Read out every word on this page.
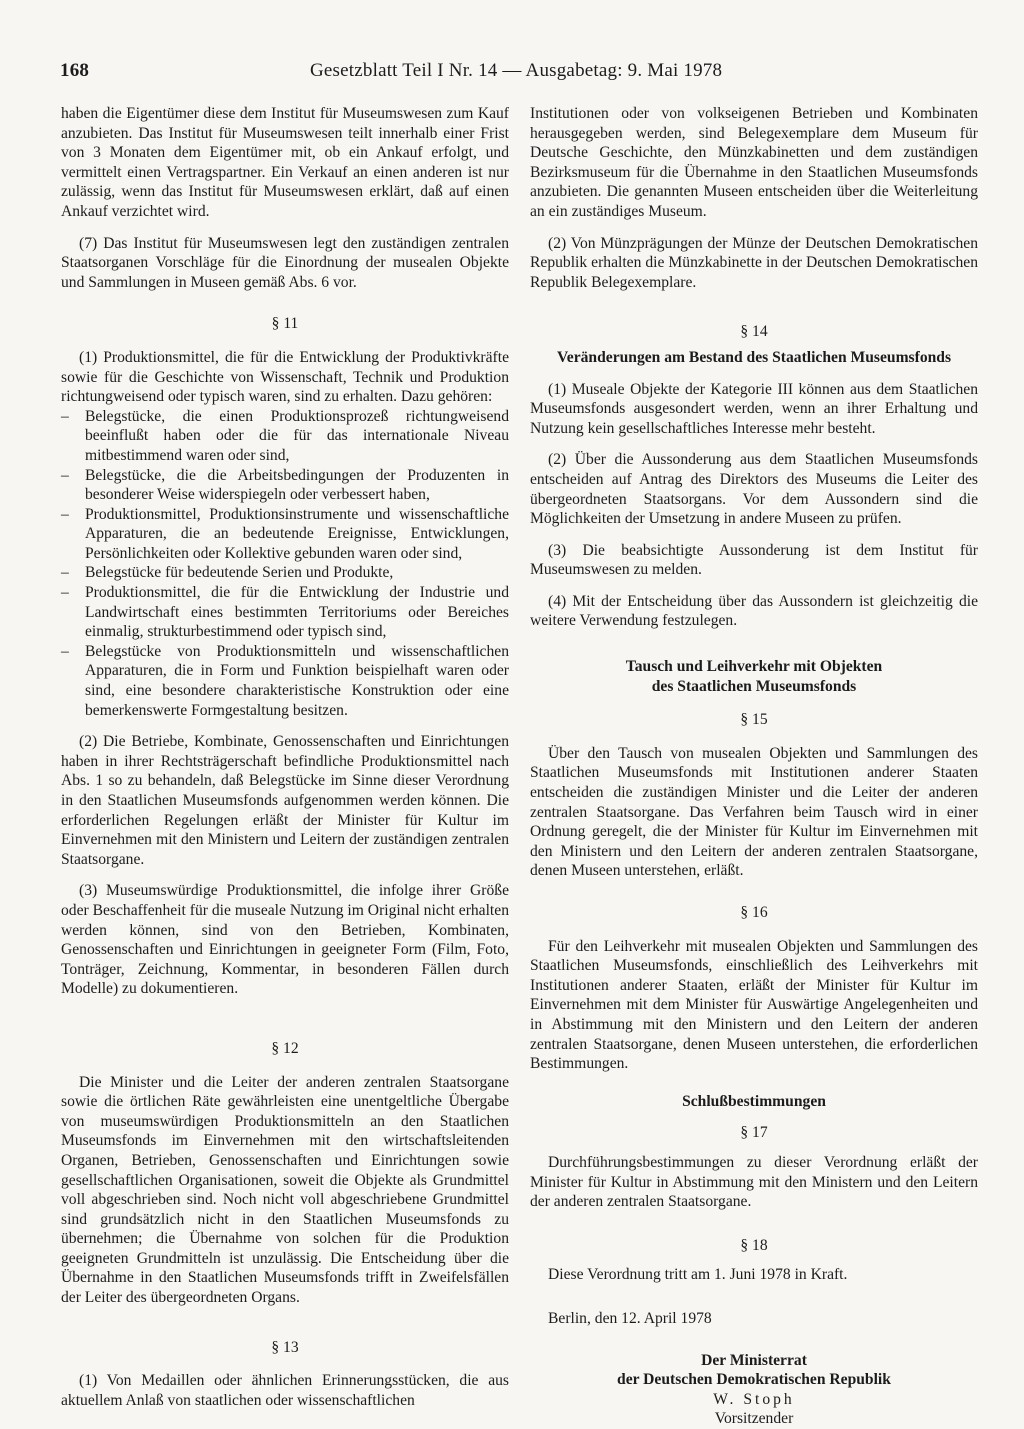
168	Gesetzblatt Teil I Nr. 14 — Ausgabetag: 9. Mai 1978

haben die Eigentümer diese dem Institut für Museumswesen zum Kauf anzubieten. Das Institut für Museumswesen teilt innerhalb einer Frist von 3 Monaten dem Eigentümer mit, ob ein Ankauf erfolgt, und vermittelt einen Vertragspartner. Ein Verkauf an einen anderen ist nur zulässig, wenn das Institut für Museumswesen erklärt, daß auf einen Ankauf verzichtet wird.

(7) Das Institut für Museumswesen legt den zuständigen zentralen Staatsorganen Vorschläge für die Einordnung der musealen Objekte und Sammlungen in Museen gemäß Abs. 6 vor.

§ 11

(1) Produktionsmittel, die für die Entwicklung der Produktivkräfte sowie für die Geschichte von Wissenschaft, Technik und Produktion richtungweisend oder typisch waren, sind zu erhalten. Dazu gehören:

– Belegstücke, die einen Produktionsprozeß richtungweisend beeinflußt haben oder die für das internationale Niveau mitbestimmend waren oder sind,
– Belegstücke, die die Arbeitsbedingungen der Produzenten in besonderer Weise widerspiegeln oder verbessert haben,
– Produktionsmittel, Produktionsinstrumente und wissenschaftliche Apparaturen, die an bedeutende Ereignisse, Entwicklungen, Persönlichkeiten oder Kollektive gebunden waren oder sind,
– Belegstücke für bedeutende Serien und Produkte,
– Produktionsmittel, die für die Entwicklung der Industrie und Landwirtschaft eines bestimmten Territoriums oder Bereiches einmalig, strukturbestimmend oder typisch sind,
– Belegstücke von Produktionsmitteln und wissenschaftlichen Apparaturen, die in Form und Funktion beispielhaft waren oder sind, eine besondere charakteristische Konstruktion oder eine bemerkenswerte Formgestaltung besitzen.

(2) Die Betriebe, Kombinate, Genossenschaften und Einrichtungen haben in ihrer Rechtsträgerschaft befindliche Produktionsmittel nach Abs. 1 so zu behandeln, daß Belegstücke im Sinne dieser Verordnung in den Staatlichen Museumsfonds aufgenommen werden können. Die erforderlichen Regelungen erläßt der Minister für Kultur im Einvernehmen mit den Ministern und Leitern der zuständigen zentralen Staatsorgane.

(3) Museumswürdige Produktionsmittel, die infolge ihrer Größe oder Beschaffenheit für die museale Nutzung im Original nicht erhalten werden können, sind von den Betrieben, Kombinaten, Genossenschaften und Einrichtungen in geeigneter Form (Film, Foto, Tonträger, Zeichnung, Kommentar, in besonderen Fällen durch Modelle) zu dokumentieren.

§ 12

Die Minister und die Leiter der anderen zentralen Staatsorgane sowie die örtlichen Räte gewährleisten eine unentgeltliche Übergabe von museumswürdigen Produktionsmitteln an den Staatlichen Museumsfonds im Einvernehmen mit den wirtschaftsleitenden Organen, Betrieben, Genossenschaften und Einrichtungen sowie gesellschaftlichen Organisationen, soweit die Objekte als Grundmittel voll abgeschrieben sind. Noch nicht voll abgeschriebene Grundmittel sind grundsätzlich nicht in den Staatlichen Museumsfonds zu übernehmen; die Übernahme von solchen für die Produktion geeigneten Grundmitteln ist unzulässig. Die Entscheidung über die Übernahme in den Staatlichen Museumsfonds trifft in Zweifelsfällen der Leiter des übergeordneten Organs.

§ 13

(1) Von Medaillen oder ähnlichen Erinnerungsstücken, die aus aktuellem Anlaß von staatlichen oder wissenschaftlichen

Institutionen oder von volkseigenen Betrieben und Kombinaten herausgegeben werden, sind Belegexemplare dem Museum für Deutsche Geschichte, den Münzkabinetten und dem zuständigen Bezirksmuseum für die Übernahme in den Staatlichen Museumsfonds anzubieten. Die genannten Museen entscheiden über die Weiterleitung an ein zuständiges Museum.

(2) Von Münzprägungen der Münze der Deutschen Demokratischen Republik erhalten die Münzkabinette in der Deutschen Demokratischen Republik Belegexemplare.

§ 14

Veränderungen am Bestand des Staatlichen Museumsfonds

(1) Museale Objekte der Kategorie III können aus dem Staatlichen Museumsfonds ausgesondert werden, wenn an ihrer Erhaltung und Nutzung kein gesellschaftliches Interesse mehr besteht.

(2) Über die Aussonderung aus dem Staatlichen Museumsfonds entscheiden auf Antrag des Direktors des Museums die Leiter des übergeordneten Staatsorgans. Vor dem Aussondern sind die Möglichkeiten der Umsetzung in andere Museen zu prüfen.

(3) Die beabsichtigte Aussonderung ist dem Institut für Museumswesen zu melden.

(4) Mit der Entscheidung über das Aussondern ist gleichzeitig die weitere Verwendung festzulegen.

Tausch und Leihverkehr mit Objekten

des Staatlichen Museumsfonds

§ 15

Über den Tausch von musealen Objekten und Sammlungen des Staatlichen Museumsfonds mit Institutionen anderer Staaten entscheiden die zuständigen Minister und die Leiter der anderen zentralen Staatsorgane. Das Verfahren beim Tausch wird in einer Ordnung geregelt, die der Minister für Kultur im Einvernehmen mit den Ministern und den Leitern der anderen zentralen Staatsorgane, denen Museen unterstehen, erläßt.

§ 16

Für den Leihverkehr mit musealen Objekten und Sammlungen des Staatlichen Museumsfonds, einschließlich des Leihverkehrs mit Institutionen anderer Staaten, erläßt der Minister für Kultur im Einvernehmen mit dem Minister für Auswärtige Angelegenheiten und in Abstimmung mit den Ministern und den Leitern der anderen zentralen Staatsorgane, denen Museen unterstehen, die erforderlichen Bestimmungen.

Schlußbestimmungen

§ 17

Durchführungsbestimmungen zu dieser Verordnung erläßt der Minister für Kultur in Abstimmung mit den Ministern und den Leitern der anderen zentralen Staatsorgane.

§ 18

Diese Verordnung tritt am 1. Juni 1978 in Kraft.

Berlin, den 12. April 1978

Der Ministerrat

der Deutschen Demokratischen Republik

W. Stoph

Vorsitzender
